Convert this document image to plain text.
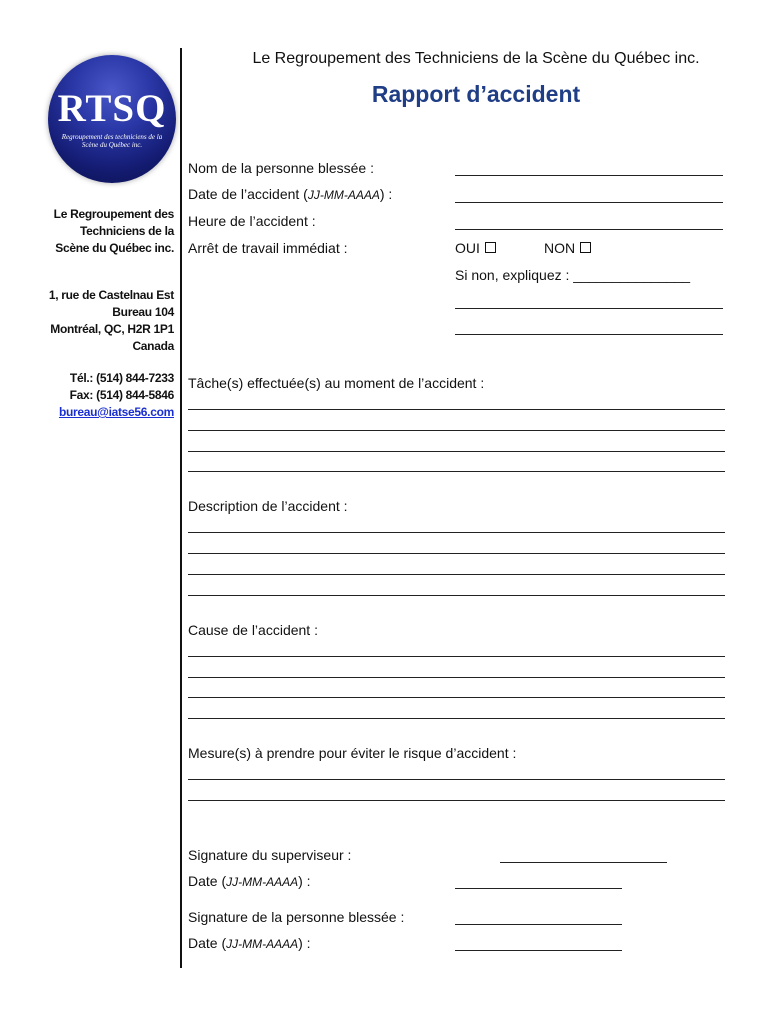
RTSQ
Regroupement des techniciens de la Scène du Québec inc.
Le Regroupement des
Techniciens de la
Scène du Québec inc.
1, rue de Castelnau Est
Bureau 104
Montréal, QC, H2R 1P1
Canada
Tél.: (514) 844-7233
Fax: (514) 844-5846
bureau@iatse56.com
Le Regroupement des Techniciens de la Scène du Québec inc.
Rapport d’accident
Nom de la personne blessée :
Date de l’accident (JJ-MM-AAAA) :
Heure de l’accident :
Arrêt de travail immédiat :	OUI	NON
Si non, expliquez : _______________
Tâche(s) effectuée(s) au moment de l’accident :
Description de l’accident :
Cause de l’accident :
Mesure(s) à prendre pour éviter le risque d’accident :
Signature du superviseur :
Date (JJ-MM-AAAA) :
Signature de la personne blessée :
Date (JJ-MM-AAAA) :
